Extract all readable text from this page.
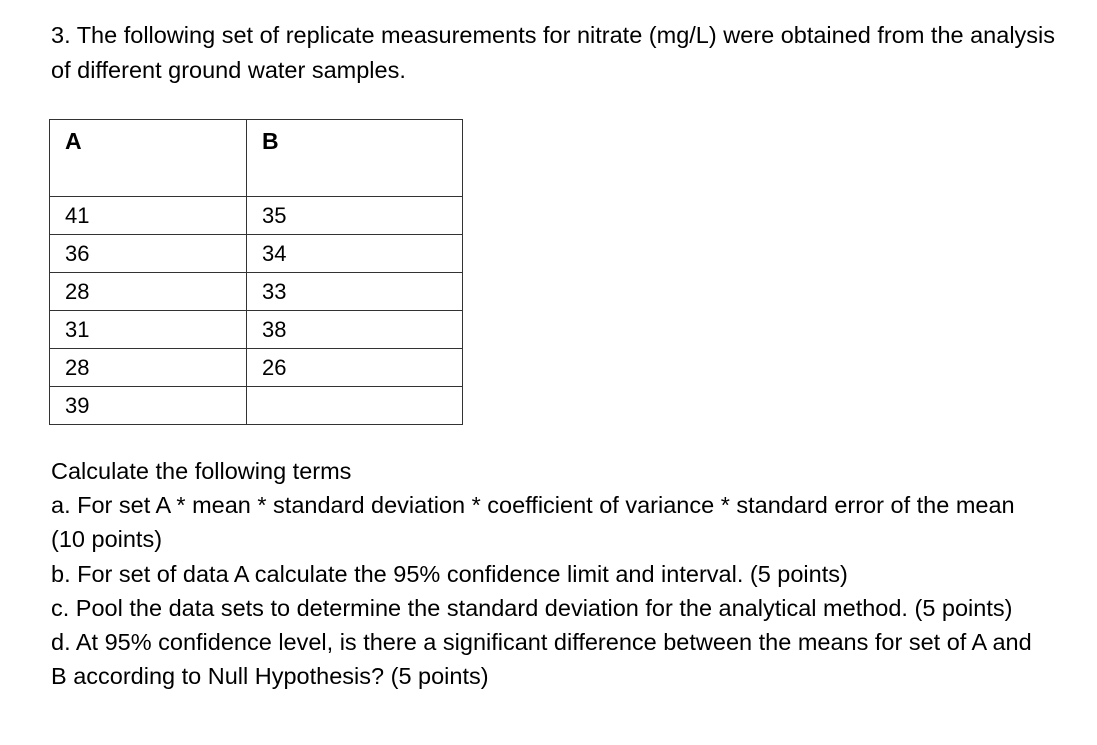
3. The following set of replicate measurements for nitrate (mg/L) were obtained from the analysis of different ground water samples.

A	B
41	35
36	34
28	33
31	38
28	26
39	
Calculate the following terms
a. For set A * mean * standard deviation * coefficient of variance * standard error of the mean (10 points)
b. For set of data A calculate the 95% confidence limit and interval. (5 points)
c. Pool the data sets to determine the standard deviation for the analytical method. (5 points)
d. At 95% confidence level, is there a significant difference between the means for set of A and B according to Null Hypothesis? (5 points)
